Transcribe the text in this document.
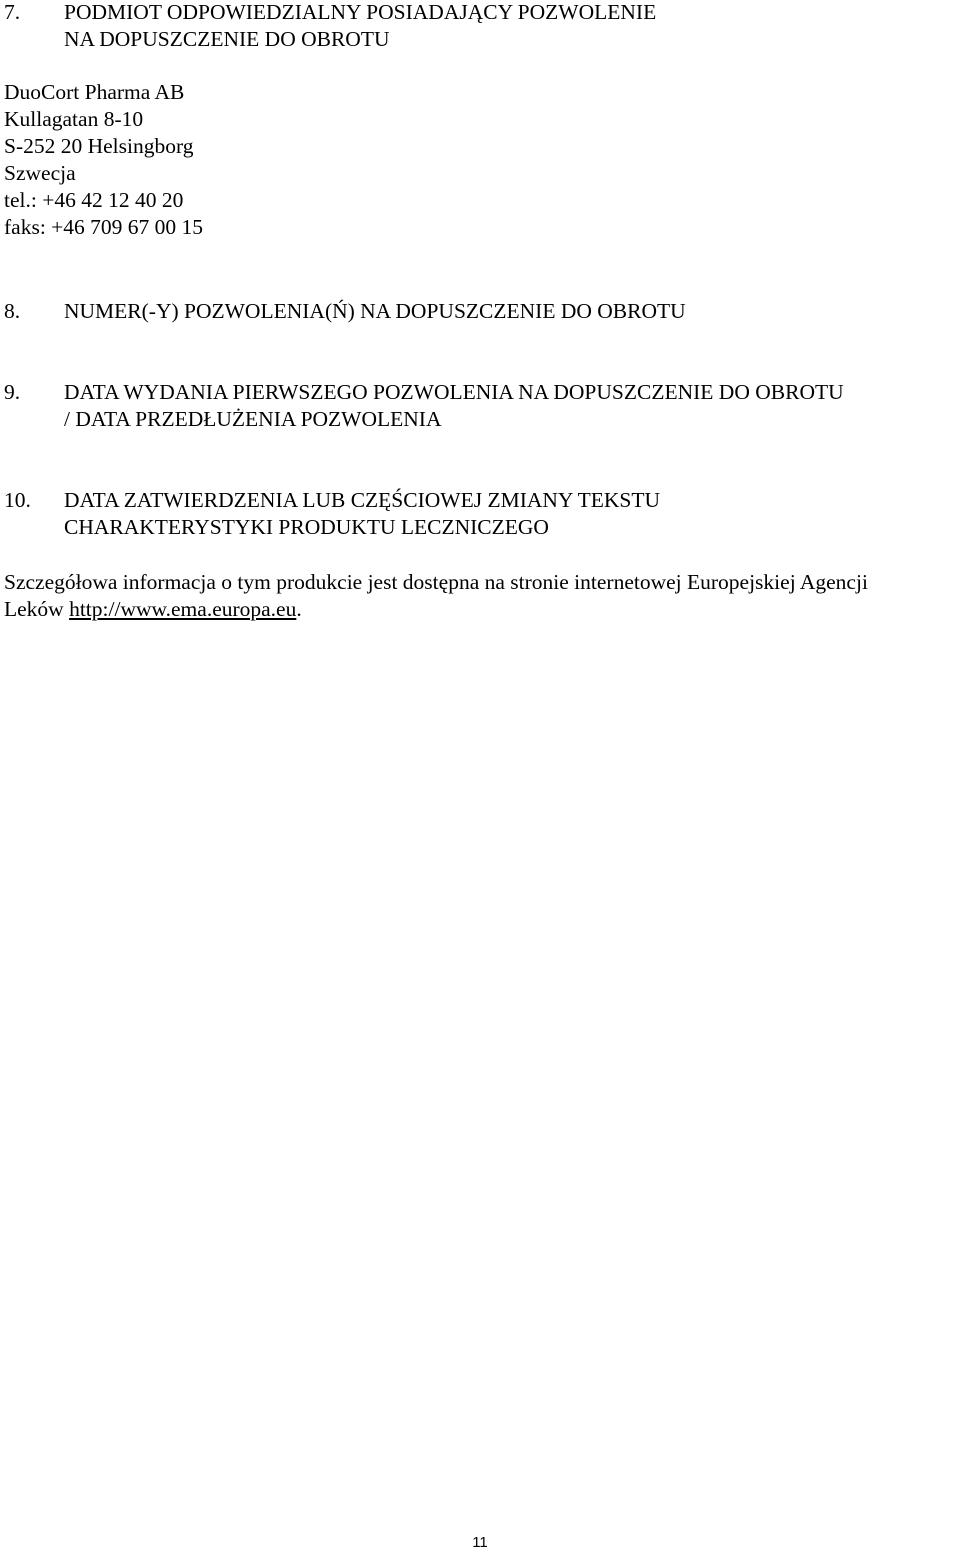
7. PODMIOT ODPOWIEDZIALNY POSIADAJĄCY POZWOLENIE
NA DOPUSZCZENIE DO OBROTU
DuoCort Pharma AB
Kullagatan 8-10
S-252 20 Helsingborg
Szwecja
tel.: +46 42 12 40 20
faks: +46 709 67 00 15
8. NUMER(-Y) POZWOLENIA(Ń) NA DOPUSZCZENIE DO OBROTU
9. DATA WYDANIA PIERWSZEGO POZWOLENIA NA DOPUSZCZENIE DO OBROTU
/ DATA PRZEDŁUŻENIA POZWOLENIA
10. DATA ZATWIERDZENIA LUB CZĘŚCIOWEJ ZMIANY TEKSTU
CHARAKTERYSTYKI PRODUKTU LECZNICZEGO
Szczegółowa informacja o tym produkcie jest dostępna na stronie internetowej Europejskiej Agencji
Leków http://www.ema.europa.eu.
11
